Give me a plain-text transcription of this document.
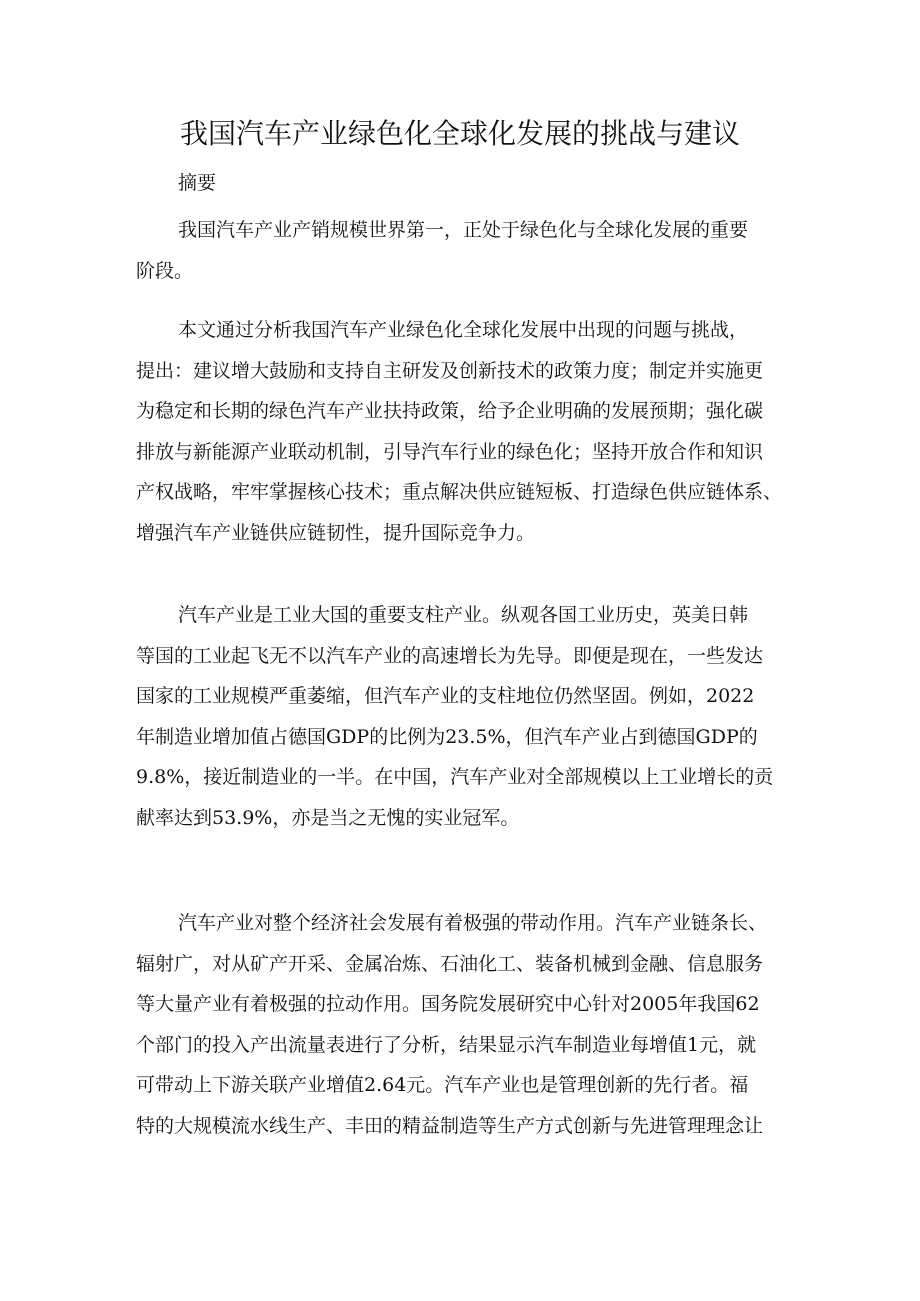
我国汽车产业绿色化全球化发展的挑战与建议
摘要
我国汽车产业产销规模世界第一，正处于绿色化与全球化发展的重要
阶段。
本文通过分析我国汽车产业绿色化全球化发展中出现的问题与挑战，
提出：建议增大鼓励和支持自主研发及创新技术的政策力度；制定并实施更
为稳定和长期的绿色汽车产业扶持政策，给予企业明确的发展预期；强化碳
排放与新能源产业联动机制，引导汽车行业的绿色化；坚持开放合作和知识
产权战略，牢牢掌握核心技术；重点解决供应链短板、打造绿色供应链体系、
增强汽车产业链供应链韧性，提升国际竞争力。
汽车产业是工业大国的重要支柱产业。纵观各国工业历史，英美日韩
等国的工业起飞无不以汽车产业的高速增长为先导。即便是现在，一些发达
国家的工业规模严重萎缩，但汽车产业的支柱地位仍然坚固。例如，2022
年制造业增加值占德国GDP的比例为23.5%，但汽车产业占到德国GDP的
9.8%，接近制造业的一半。在中国，汽车产业对全部规模以上工业增长的贡
献率达到53.9%，亦是当之无愧的实业冠军。
汽车产业对整个经济社会发展有着极强的带动作用。汽车产业链条长、
辐射广，对从矿产开采、金属冶炼、石油化工、装备机械到金融、信息服务
等大量产业有着极强的拉动作用。国务院发展研究中心针对2005年我国62
个部门的投入产出流量表进行了分析，结果显示汽车制造业每增值1元，就
可带动上下游关联产业增值2.64元。汽车产业也是管理创新的先行者。福
特的大规模流水线生产、丰田的精益制造等生产方式创新与先进管理理念让
